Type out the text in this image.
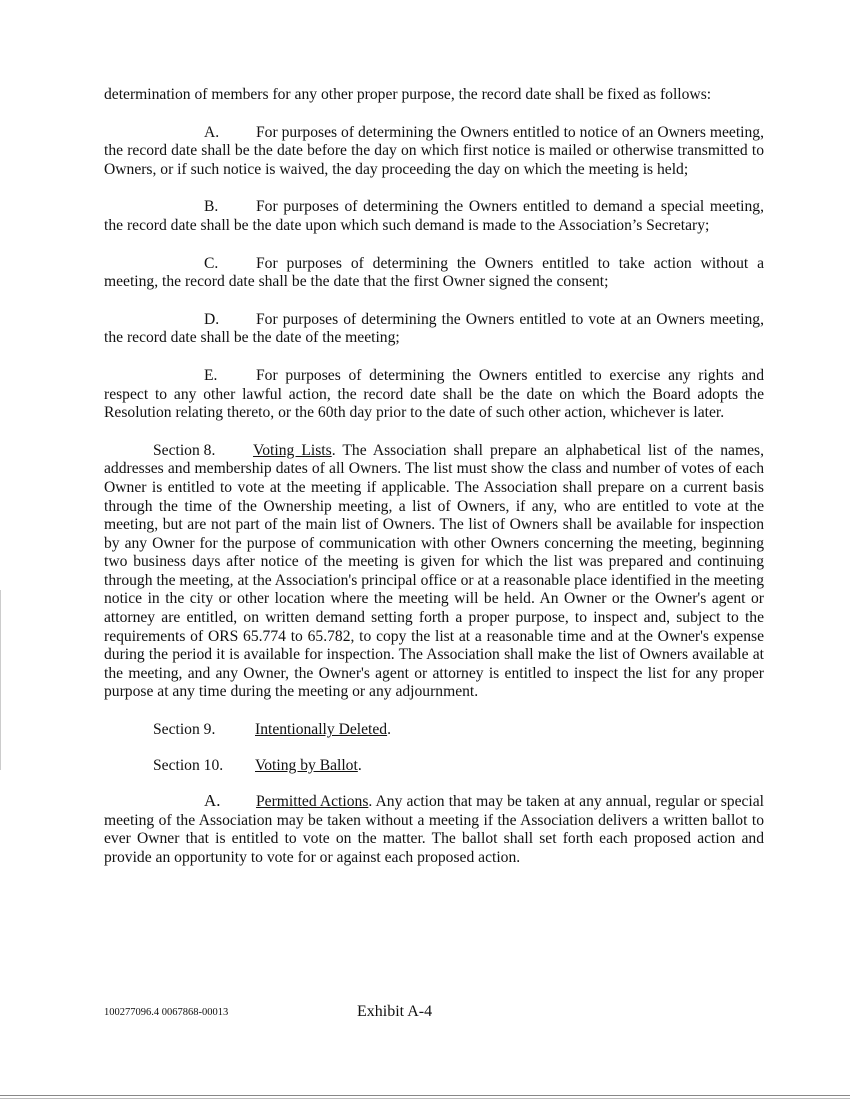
determination of members for any other proper purpose, the record date shall be fixed as follows:

A. For purposes of determining the Owners entitled to notice of an Owners meeting, the record date shall be the date before the day on which first notice is mailed or otherwise transmitted to Owners, or if such notice is waived, the day proceeding the day on which the meeting is held;

B. For purposes of determining the Owners entitled to demand a special meeting, the record date shall be the date upon which such demand is made to the Association’s Secretary;

C. For purposes of determining the Owners entitled to take action without a meeting, the record date shall be the date that the first Owner signed the consent;

D. For purposes of determining the Owners entitled to vote at an Owners meeting, the record date shall be the date of the meeting;

E. For purposes of determining the Owners entitled to exercise any rights and respect to any other lawful action, the record date shall be the date on which the Board adopts the Resolution relating thereto, or the 60th day prior to the date of such other action, whichever is later.

Section 8. Voting Lists. The Association shall prepare an alphabetical list of the names, addresses and membership dates of all Owners. The list must show the class and number of votes of each Owner is entitled to vote at the meeting if applicable. The Association shall prepare on a current basis through the time of the Ownership meeting, a list of Owners, if any, who are entitled to vote at the meeting, but are not part of the main list of Owners. The list of Owners shall be available for inspection by any Owner for the purpose of communication with other Owners concerning the meeting, beginning two business days after notice of the meeting is given for which the list was prepared and continuing through the meeting, at the Association's principal office or at a reasonable place identified in the meeting notice in the city or other location where the meeting will be held. An Owner or the Owner's agent or attorney are entitled, on written demand setting forth a proper purpose, to inspect and, subject to the requirements of ORS 65.774 to 65.782, to copy the list at a reasonable time and at the Owner's expense during the period it is available for inspection. The Association shall make the list of Owners available at the meeting, and any Owner, the Owner's agent or attorney is entitled to inspect the list for any proper purpose at any time during the meeting or any adjournment.

Section 9.	Intentionally Deleted.

Section 10. Voting by Ballot.

A. Permitted Actions. Any action that may be taken at any annual, regular or special meeting of the Association may be taken without a meeting if the Association delivers a written ballot to ever Owner that is entitled to vote on the matter. The ballot shall set forth each proposed action and provide an opportunity to vote for or against each proposed action.

100277096.4 0067868-00013	Exhibit A-4
